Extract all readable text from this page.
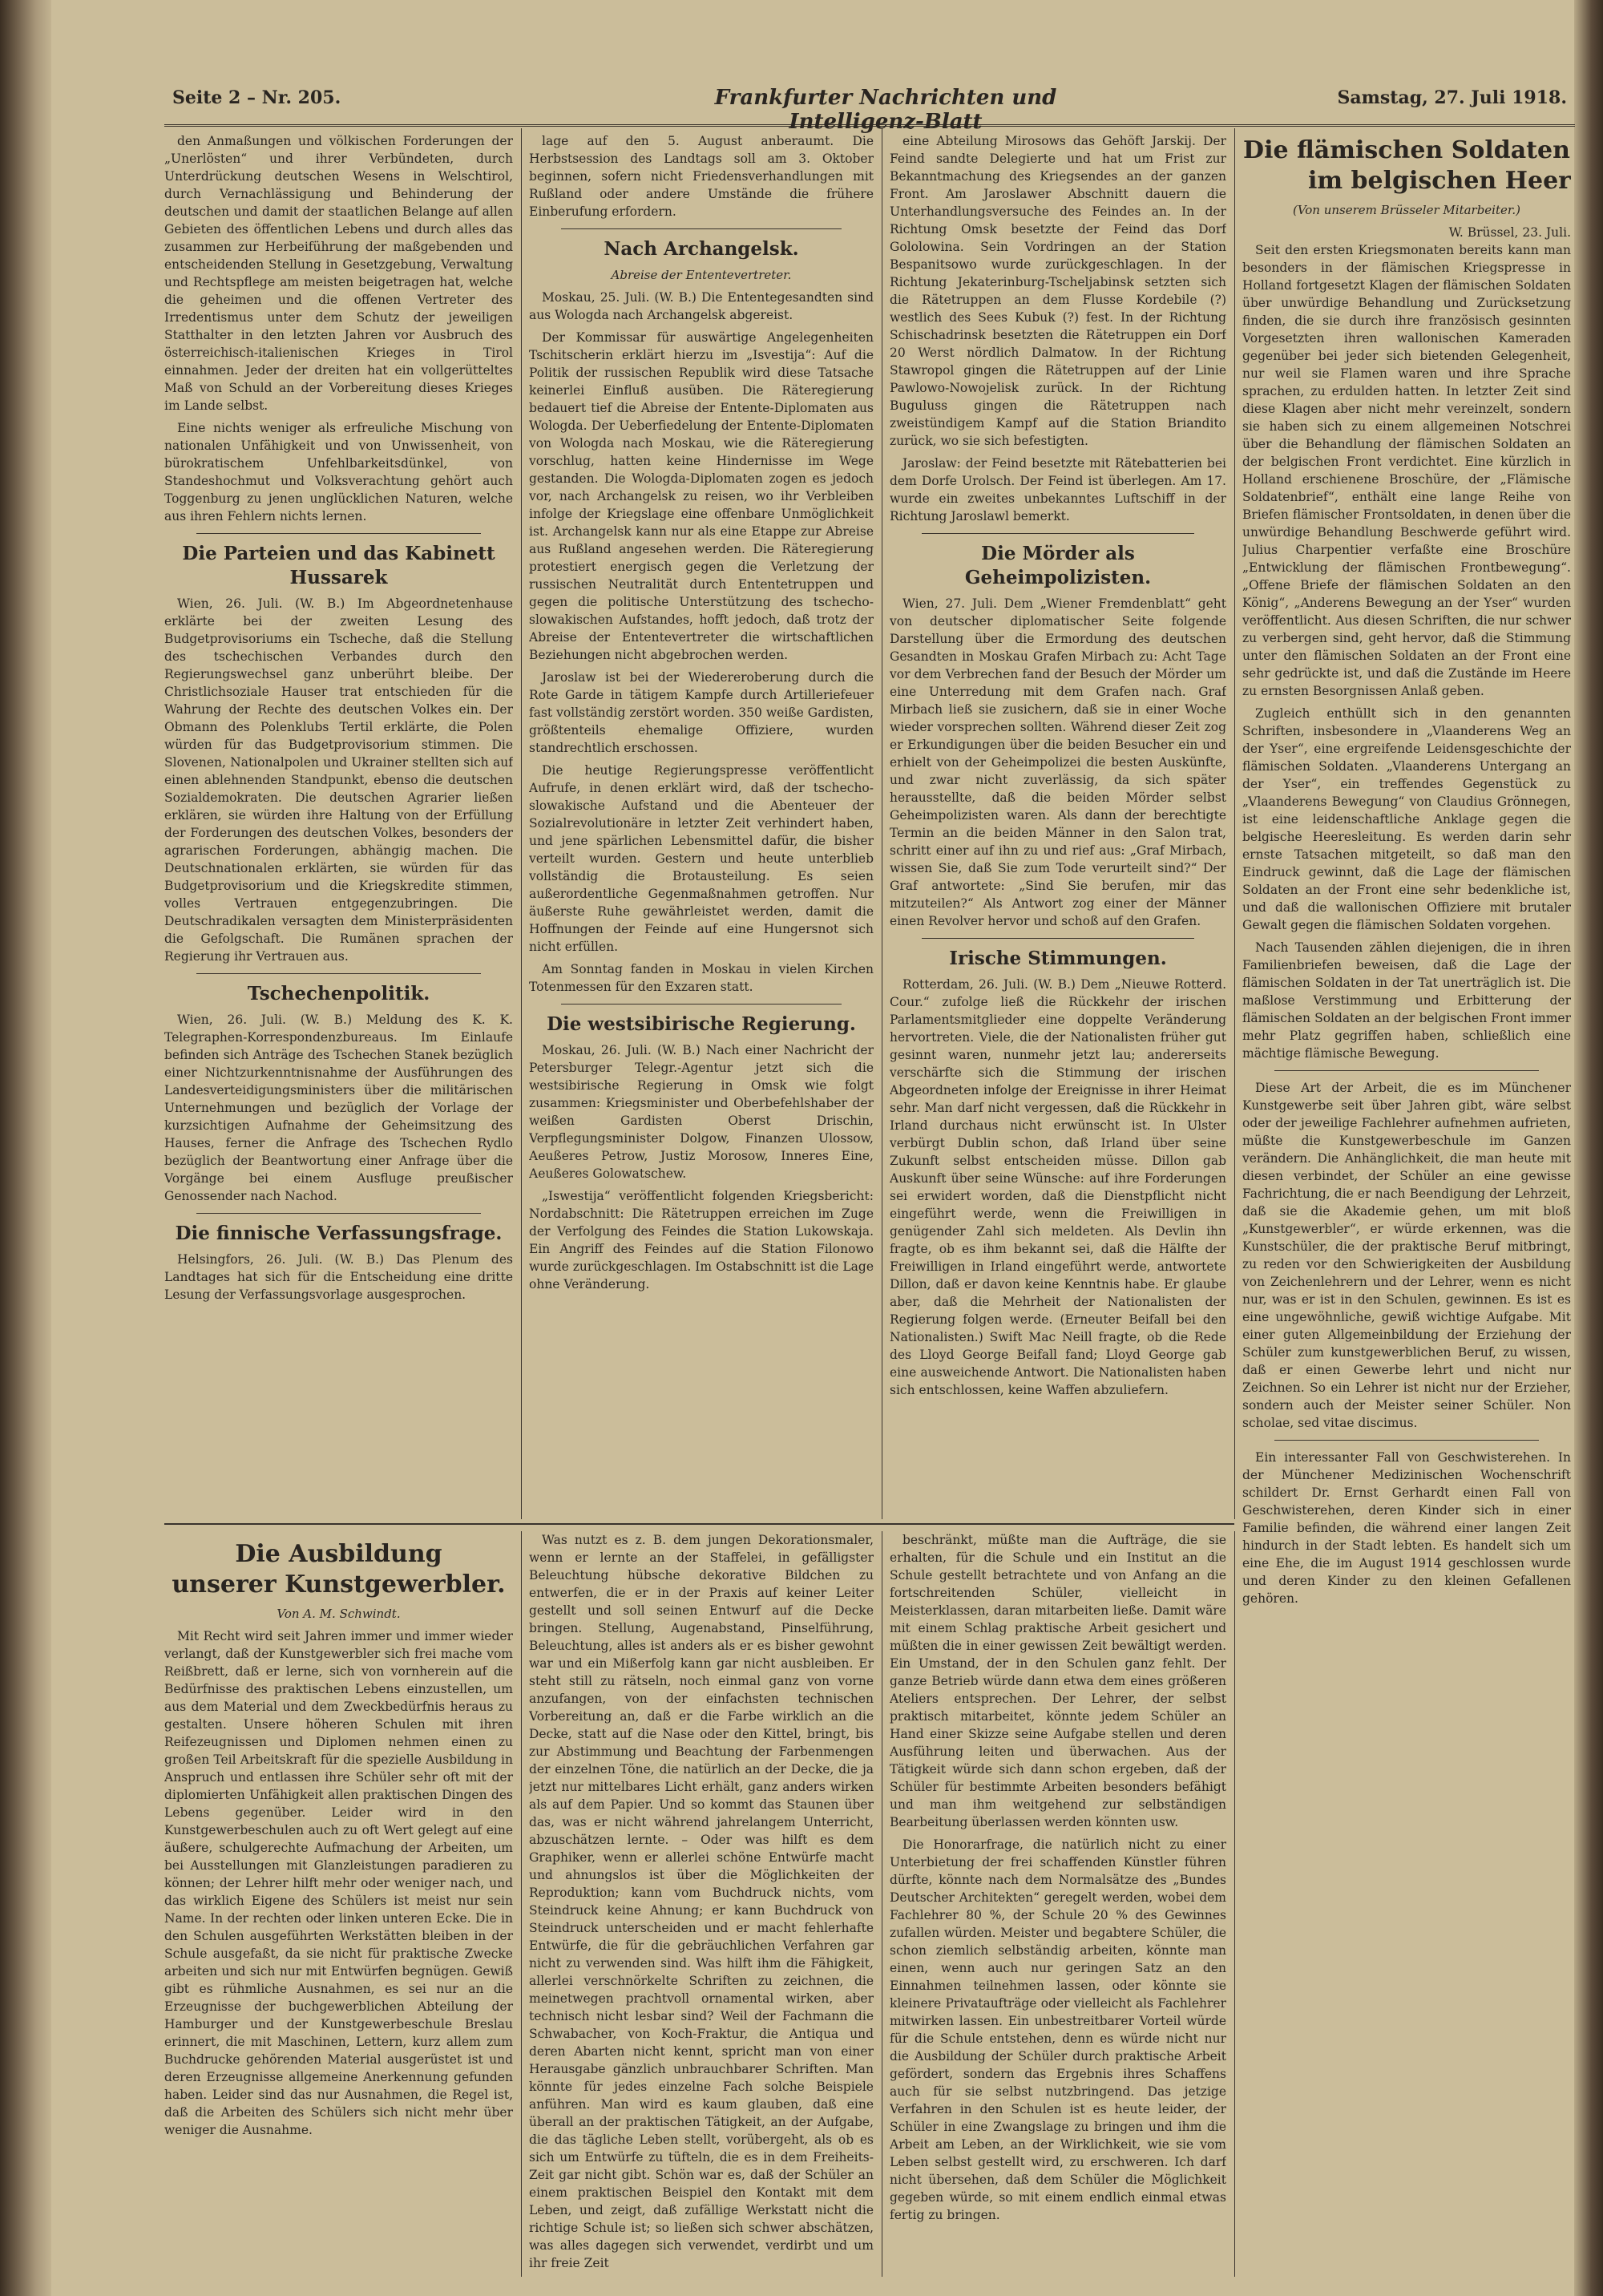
Seite 2 – Nr. 205.	Frankfurter Nachrichten und Intelligenz-Blatt
Samstag, 27. Juli 1918.

den Anmaßungen und völkischen Forderungen der „Unerlösten“ und ihrer Verbündeten, durch Unterdrückung deutschen Wesens in Welschtirol, durch Vernachlässigung und Behinderung der deutschen und damit der staatlichen Belange auf allen Gebieten des öffentlichen Lebens und durch alles das zusammen zur Herbeiführung der maßgebenden und entscheidenden Stellung in Gesetzgebung, Verwaltung und Rechtspflege am meisten beigetragen hat, welche die geheimen und die offenen Vertreter des Irredentismus unter dem Schutz der jeweiligen Statthalter in den letzten Jahren vor Ausbruch des österreichisch-italienischen Krieges in Tirol einnahmen. Jeder der dreiten hat ein vollgerütteltes Maß von Schuld an der Vorbereitung dieses Krieges im Lande selbst.

Eine nichts weniger als erfreuliche Mischung von nationalen Unfähigkeit und von Unwissenheit, von bürokratischem Unfehlbarkeitsdünkel, von Standeshochmut und Volksverachtung gehört auch Toggenburg zu jenen unglücklichen Naturen, welche aus ihren Fehlern nichts lernen.

Die Parteien und das Kabinett Hussarek

Wien, 26. Juli. (W. B.) Im Abgeordnetenhause erklärte bei der zweiten Lesung des Budgetprovisoriums ein Tscheche, daß die Stellung des tschechischen Verbandes durch den Regierungswechsel ganz unberührt bleibe. Der Christlichsoziale Hauser trat entschieden für die Wahrung der Rechte des deutschen Volkes ein. Der Obmann des Polenklubs Tertil erklärte, die Polen würden für das Budgetprovisorium stimmen. Die Slovenen, Nationalpolen und Ukrainer stellten sich auf einen ablehnenden Standpunkt, ebenso die deutschen Sozialdemokraten. Die deutschen Agrarier ließen erklären, sie würden ihre Haltung von der Erfüllung der Forderungen des deutschen Volkes, besonders der agrarischen Forderungen, abhängig machen. Die Deutschnationalen erklärten, sie würden für das Budgetprovisorium und die Kriegskredite stimmen, volles Vertrauen entgegenzubringen. Die Deutschradikalen versagten dem Ministerpräsidenten die Gefolgschaft. Die Rumänen sprachen der Regierung ihr Vertrauen aus.

Tschechenpolitik.

Wien, 26. Juli. (W. B.) Meldung des K. K. Telegraphen-Korrespondenzbureaus. Im Einlaufe befinden sich Anträge des Tschechen Stanek bezüglich einer Nichtzurkenntnisnahme der Ausführungen des Landesverteidigungsministers über die militärischen Unternehmungen und bezüglich der Vorlage der kurzsichtigen Aufnahme der Geheimsitzung des Hauses, ferner die Anfrage des Tschechen Rydlo bezüglich der Beantwortung einer Anfrage über die Vorgänge bei einem Ausfluge preußischer Genossender nach Nachod.

Die finnische Verfassungsfrage.

Helsingfors, 26. Juli. (W. B.) Das Plenum des Landtages hat sich für die Entscheidung eine dritte Lesung der Verfassungsvorlage ausgesprochen.

lage auf den 5. August anberaumt. Die Herbstsession des Landtags soll am 3. Oktober beginnen, sofern nicht Friedensverhandlungen mit Rußland oder andere Umstände die frühere Einberufung erfordern.

Nach Archangelsk.
Abreise der Ententevertreter.

Moskau, 25. Juli. (W. B.) Die Ententegesandten sind aus Wologda nach Archangelsk abgereist.

Der Kommissar für auswärtige Angelegenheiten Tschitscherin erklärt hierzu im „Isvestija“: Auf die Politik der russischen Republik wird diese Tatsache keinerlei Einfluß ausüben. Die Räteregierung bedauert tief die Abreise der Entente-Diplomaten aus Wologda. Der Ueberfiedelung der Entente-Diplomaten von Wologda nach Moskau, wie die Räteregierung vorschlug, hatten keine Hindernisse im Wege gestanden. Die Wologda-Diplomaten zogen es jedoch vor, nach Archangelsk zu reisen, wo ihr Verbleiben infolge der Kriegslage eine offenbare Unmöglichkeit ist. Archangelsk kann nur als eine Etappe zur Abreise aus Rußland angesehen werden. Die Räteregierung protestiert energisch gegen die Verletzung der russischen Neutralität durch Ententetruppen und gegen die politische Unterstützung des tschecho-slowakischen Aufstandes, hofft jedoch, daß trotz der Abreise der Ententevertreter die wirtschaftlichen Beziehungen nicht abgebrochen werden.

Jaroslaw ist bei der Wiedereroberung durch die Rote Garde in tätigem Kampfe durch Artilleriefeuer fast vollständig zerstört worden. 350 weiße Gardisten, größtenteils ehemalige Offiziere, wurden standrechtlich erschossen.

Die heutige Regierungspresse veröffentlicht Aufrufe, in denen erklärt wird, daß der tschecho-slowakische Aufstand und die Abenteuer der Sozialrevolutionäre in letzter Zeit verhindert haben, und jene spärlichen Lebensmittel dafür, die bisher verteilt wurden. Gestern und heute unterblieb vollständig die Brotausteilung. Es seien außerordentliche Gegenmaßnahmen getroffen. Nur äußerste Ruhe gewährleistet werden, damit die Hoffnungen der Feinde auf eine Hungersnot sich nicht erfüllen.

Am Sonntag fanden in Moskau in vielen Kirchen Totenmessen für den Exzaren statt.

Die westsibirische Regierung.

Moskau, 26. Juli. (W. B.) Nach einer Nachricht der Petersburger Telegr.-Agentur jetzt sich die westsibirische Regierung in Omsk wie folgt zusammen: Kriegsminister und Oberbefehlshaber der weißen Gardisten Oberst Drischin, Verpflegungsminister Dolgow, Finanzen Ulossow, Aeußeres Petrow, Justiz Morosow, Inneres Eine, Aeußeres Golowatschew.

„Iswestija“ veröffentlicht folgenden Kriegsbericht: Nordabschnitt: Die Rätetruppen erreichen im Zuge der Verfolgung des Feindes die Station Lukowskaja. Ein Angriff des Feindes auf die Station Filonowo wurde zurückgeschlagen. Im Ostabschnitt ist die Lage ohne Veränderung.

eine Abteilung Mirosows das Gehöft Jarskij. Der Feind sandte Delegierte und hat um Frist zur Bekanntmachung des Kriegsendes an der ganzen Front. Am Jaroslawer Abschnitt dauern die Unterhandlungsversuche des Feindes an. In der Richtung Omsk besetzte der Feind das Dorf Gololowina. Sein Vordringen an der Station Bespanitsowo wurde zurückgeschlagen. In der Richtung Jekaterinburg-Tscheljabinsk setzten sich die Rätetruppen an dem Flusse Kordebile (?) westlich des Sees Kubuk (?) fest. In der Richtung Schischadrinsk besetzten die Rätetruppen ein Dorf 20 Werst nördlich Dalmatow. In der Richtung Stawropol gingen die Rätetruppen auf der Linie Pawlowo-Nowojelisk zurück. In der Richtung Buguluss gingen die Rätetruppen nach zweistündigem Kampf auf die Station Briandito zurück, wo sie sich befestigten.

Jaroslaw: der Feind besetzte mit Rätebatterien bei dem Dorfe Urolsch. Der Feind ist überlegen. Am 17. wurde ein zweites unbekanntes Luftschiff in der Richtung Jaroslawl bemerkt.

Die Mörder als Geheimpolizisten.

Wien, 27. Juli. Dem „Wiener Fremdenblatt“ geht von deutscher diplomatischer Seite folgende Darstellung über die Ermordung des deutschen Gesandten in Moskau Grafen Mirbach zu: Acht Tage vor dem Verbrechen fand der Besuch der Mörder um eine Unterredung mit dem Grafen nach. Graf Mirbach ließ sie zusichern, daß sie in einer Woche wieder vorsprechen sollten. Während dieser Zeit zog er Erkundigungen über die beiden Besucher ein und erhielt von der Geheimpolizei die besten Auskünfte, und zwar nicht zuverlässig, da sich später herausstellte, daß die beiden Mörder selbst Geheimpolizisten waren. Als dann der berechtigte Termin an die beiden Männer in den Salon trat, schritt einer auf ihn zu und rief aus: „Graf Mirbach, wissen Sie, daß Sie zum Tode verurteilt sind?“ Der Graf antwortete: „Sind Sie berufen, mir das mitzuteilen?“ Als Antwort zog einer der Männer einen Revolver hervor und schoß auf den Grafen.

Irische Stimmungen.

Rotterdam, 26. Juli. (W. B.) Dem „Nieuwe Rotterd. Cour.“ zufolge ließ die Rückkehr der irischen Parlamentsmitglieder eine doppelte Veränderung hervortreten. Viele, die der Nationalisten früher gut gesinnt waren, nunmehr jetzt lau; andererseits verschärfte sich die Stimmung der irischen Abgeordneten infolge der Ereignisse in ihrer Heimat sehr. Man darf nicht vergessen, daß die Rückkehr in Irland durchaus nicht erwünscht ist. In Ulster verbürgt Dublin schon, daß Irland über seine Zukunft selbst entscheiden müsse. Dillon gab Auskunft über seine Wünsche: auf ihre Forderungen sei erwidert worden, daß die Dienstpflicht nicht eingeführt werde, wenn die Freiwilligen in genügender Zahl sich meldeten. Als Devlin ihn fragte, ob es ihm bekannt sei, daß die Hälfte der Freiwilligen in Irland eingeführt werde, antwortete Dillon, daß er davon keine Kenntnis habe. Er glaube aber, daß die Mehrheit der Nationalisten der Regierung folgen werde. (Erneuter Beifall bei den Nationalisten.) Swift Mac Neill fragte, ob die Rede des Lloyd George Beifall fand; Lloyd George gab eine ausweichende Antwort. Die Nationalisten haben sich entschlossen, keine Waffen abzuliefern.

Die flämischen Soldaten
im belgischen Heer
(Von unserem Brüsseler Mitarbeiter.)
W. Brüssel, 23. Juli.

Seit den ersten Kriegsmonaten bereits kann man besonders in der flämischen Kriegspresse in Holland fortgesetzt Klagen der flämischen Soldaten über unwürdige Behandlung und Zurücksetzung finden, die sie durch ihre französisch gesinnten Vorgesetzten ihren wallonischen Kameraden gegenüber bei jeder sich bietenden Gelegenheit, nur weil sie Flamen waren und ihre Sprache sprachen, zu erdulden hatten. In letzter Zeit sind diese Klagen aber nicht mehr vereinzelt, sondern sie haben sich zu einem allgemeinen Notschrei über die Behandlung der flämischen Soldaten an der belgischen Front verdichtet. Eine kürzlich in Holland erschienene Broschüre, der „Flämische Soldatenbrief“, enthält eine lange Reihe von Briefen flämischer Frontsoldaten, in denen über die unwürdige Behandlung Beschwerde geführt wird. Julius Charpentier verfaßte eine Broschüre „Entwicklung der flämischen Frontbewegung“. „Offene Briefe der flämischen Soldaten an den König“, „Anderens Bewegung an der Yser“ wurden veröffentlicht. Aus diesen Schriften, die nur schwer zu verbergen sind, geht hervor, daß die Stimmung unter den flämischen Soldaten an der Front eine sehr gedrückte ist, und daß die Zustände im Heere zu ernsten Besorgnissen Anlaß geben.

Zugleich enthüllt sich in den genannten Schriften, insbesondere in „Vlaanderens Weg an der Yser“, eine ergreifende Leidensgeschichte der flämischen Soldaten. „Vlaanderens Untergang an der Yser“, ein treffendes Gegenstück zu „Vlaanderens Bewegung“ von Claudius Grönnegen, ist eine leidenschaftliche Anklage gegen die belgische Heeresleitung. Es werden darin sehr ernste Tatsachen mitgeteilt, so daß man den Eindruck gewinnt, daß die Lage der flämischen Soldaten an der Front eine sehr bedenkliche ist, und daß die wallonischen Offiziere mit brutaler Gewalt gegen die flämischen Soldaten vorgehen.

Nach Tausenden zählen diejenigen, die in ihren Familienbriefen beweisen, daß die Lage der flämischen Soldaten in der Tat unerträglich ist. Die maßlose Verstimmung und Erbitterung der flämischen Soldaten an der belgischen Front immer mehr Platz gegriffen haben, schließlich eine mächtige flämische Bewegung.

Diese Art der Arbeit, die es im Münchener Kunstgewerbe seit über Jahren gibt, wäre selbst oder der jeweilige Fachlehrer aufnehmen aufrieten, müßte die Kunstgewerbeschule im Ganzen verändern. Die Anhänglichkeit, die man heute mit diesen verbindet, der Schüler an eine gewisse Fachrichtung, die er nach Beendigung der Lehrzeit, daß sie die Akademie gehen, um mit bloß „Kunstgewerbler“, er würde erkennen, was die Kunstschüler, die der praktische Beruf mitbringt, zu reden vor den Schwierigkeiten der Ausbildung von Zeichenlehrern und der Lehrer, wenn es nicht nur, was er ist in den Schulen, gewinnen. Es ist es eine ungewöhnliche, gewiß wichtige Aufgabe. Mit einer guten Allgemeinbildung der Erziehung der Schüler zum kunstgewerblichen Beruf, zu wissen, daß er einen Gewerbe lehrt und nicht nur Zeichnen. So ein Lehrer ist nicht nur der Erzieher, sondern auch der Meister seiner Schüler. Non scholae, sed vitae discimus.

Ein interessanter Fall von Geschwisterehen. In der Münchener Medizinischen Wochenschrift schildert Dr. Ernst Gerhardt einen Fall von Geschwisterehen, deren Kinder sich in einer Familie befinden, die während einer langen Zeit hindurch in der Stadt lebten. Es handelt sich um eine Ehe, die im August 1914 geschlossen wurde und deren Kinder zu den kleinen Gefallenen gehören.

Die Ausbildung
unserer Kunstgewerbler.
Von A. M. Schwindt.

Mit Recht wird seit Jahren immer und immer wieder verlangt, daß der Kunstgewerbler sich frei mache vom Reißbrett, daß er lerne, sich von vornherein auf die Bedürfnisse des praktischen Lebens einzustellen, um aus dem Material und dem Zweckbedürfnis heraus zu gestalten. Unsere höheren Schulen mit ihren Reifezeugnissen und Diplomen nehmen einen zu großen Teil Arbeitskraft für die spezielle Ausbildung in Anspruch und entlassen ihre Schüler sehr oft mit der diplomierten Unfähigkeit allen praktischen Dingen des Lebens gegenüber. Leider wird in den Kunstgewerbeschulen auch zu oft Wert gelegt auf eine äußere, schulgerechte Aufmachung der Arbeiten, um bei Ausstellungen mit Glanzleistungen paradieren zu können; der Lehrer hilft mehr oder weniger nach, und das wirklich Eigene des Schülers ist meist nur sein Name. In der rechten oder linken unteren Ecke. Die in den Schulen ausgeführten Werkstätten bleiben in der Schule ausgefaßt, da sie nicht für praktische Zwecke arbeiten und sich nur mit Entwürfen begnügen. Gewiß gibt es rühmliche Ausnahmen, es sei nur an die Erzeugnisse der buchgewerblichen Abteilung der Hamburger und der Kunstgewerbeschule Breslau erinnert, die mit Maschinen, Lettern, kurz allem zum Buchdrucke gehörenden Material ausgerüstet ist und deren Erzeugnisse allgemeine Anerkennung gefunden haben. Leider sind das nur Ausnahmen, die Regel ist, daß die Arbeiten des Schülers sich nicht mehr über weniger die Ausnahme.

Was nutzt es z. B. dem jungen Dekorationsmaler, wenn er lernte an der Staffelei, in gefälligster Beleuchtung hübsche dekorative Bildchen zu entwerfen, die er in der Praxis auf keiner Leiter gestellt und soll seinen Entwurf auf die Decke bringen. Stellung, Augenabstand, Pinselführung, Beleuchtung, alles ist anders als er es bisher gewohnt war und ein Mißerfolg kann gar nicht ausbleiben. Er steht still zu rätseln, noch einmal ganz von vorne anzufangen, von der einfachsten technischen Vorbereitung an, daß er die Farbe wirklich an die Decke, statt auf die Nase oder den Kittel, bringt, bis zur Abstimmung und Beachtung der Farbenmengen der einzelnen Töne, die natürlich an der Decke, die ja jetzt nur mittelbares Licht erhält, ganz anders wirken als auf dem Papier. Und so kommt das Staunen über das, was er nicht während jahrelangem Unterricht, abzuschätzen lernte. – Oder was hilft es dem Graphiker, wenn er allerlei schöne Entwürfe macht und ahnungslos ist über die Möglichkeiten der Reproduktion; kann vom Buchdruck nichts, vom Steindruck keine Ahnung; er kann Buchdruck von Steindruck unterscheiden und er macht fehlerhafte Entwürfe, die für die gebräuchlichen Verfahren gar nicht zu verwenden sind. Was hilft ihm die Fähigkeit, allerlei verschnörkelte Schriften zu zeichnen, die meinetwegen prachtvoll ornamental wirken, aber technisch nicht lesbar sind? Weil der Fachmann die Schwabacher, von Koch-Fraktur, die Antiqua und deren Abarten nicht kennt, spricht man von einer Herausgabe gänzlich unbrauchbarer Schriften. Man könnte für jedes einzelne Fach solche Beispiele anführen. Man wird es kaum glauben, daß eine überall an der praktischen Tätigkeit, an der Aufgabe, die das tägliche Leben stellt, vorübergeht, als ob es sich um Entwürfe zu tüfteln, die es in dem Freiheits-Zeit gar nicht gibt. Schön war es, daß der Schüler an einem praktischen Beispiel den Kontakt mit dem Leben, und zeigt, daß zufällige Werkstatt nicht die richtige Schule ist; so ließen sich schwer abschätzen, was alles dagegen sich verwendet, verdirbt und um ihr freie Zeit

beschränkt, müßte man die Aufträge, die sie erhalten, für die Schule und ein Institut an die Schule gestellt betrachtete und von Anfang an die fortschreitenden Schüler, vielleicht in Meisterklassen, daran mitarbeiten ließe. Damit wäre mit einem Schlag praktische Arbeit gesichert und müßten die in einer gewissen Zeit bewältigt werden. Ein Umstand, der in den Schulen ganz fehlt. Der ganze Betrieb würde dann etwa dem eines größeren Ateliers entsprechen. Der Lehrer, der selbst praktisch mitarbeitet, könnte jedem Schüler an Hand einer Skizze seine Aufgabe stellen und deren Ausführung leiten und überwachen. Aus der Tätigkeit würde sich dann schon ergeben, daß der Schüler für bestimmte Arbeiten besonders befähigt und man ihm weitgehend zur selbständigen Bearbeitung überlassen werden könnten usw.

Die Honorarfrage, die natürlich nicht zu einer Unterbietung der frei schaffenden Künstler führen dürfte, könnte nach dem Normalsätze des „Bundes Deutscher Architekten“ geregelt werden, wobei dem Fachlehrer 80 %, der Schule 20 % des Gewinnes zufallen würden. Meister und begabtere Schüler, die schon ziemlich selbständig arbeiten, könnte man einen, wenn auch nur geringen Satz an den Einnahmen teilnehmen lassen, oder könnte sie kleinere Privataufträge oder vielleicht als Fachlehrer mitwirken lassen. Ein unbestreitbarer Vorteil würde für die Schule entstehen, denn es würde nicht nur die Ausbildung der Schüler durch praktische Arbeit gefördert, sondern das Ergebnis ihres Schaffens auch für sie selbst nutzbringend. Das jetzige Verfahren in den Schulen ist es heute leider, der Schüler in eine Zwangslage zu bringen und ihm die Arbeit am Leben, an der Wirklichkeit, wie sie vom Leben selbst gestellt wird, zu erschweren. Ich darf nicht übersehen, daß dem Schüler die Möglichkeit gegeben würde, so mit einem endlich einmal etwas fertig zu bringen.
